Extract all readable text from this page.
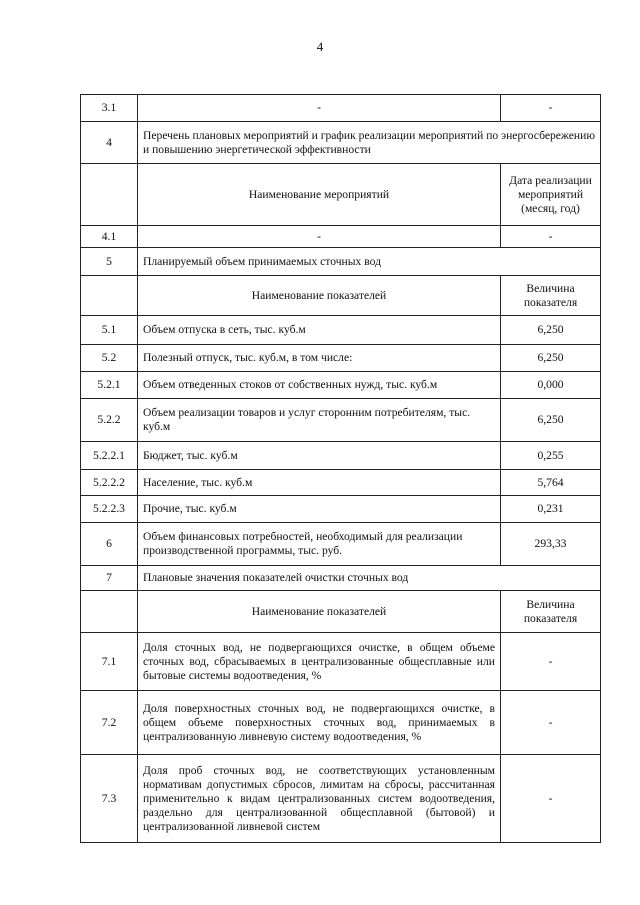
4
3.1	-	-
4	Перечень плановых мероприятий и график реализации мероприятий по энергосбережению и повышению энергетической эффективности	
	Наименование мероприятий	Дата реализации мероприятий (месяц, год)
4.1	-	-
5	Планируемый объем принимаемых сточных вод	
	Наименование показателей	Величина показателя
5.1	Объем отпуска в сеть, тыс. куб.м	6,250
5.2	Полезный отпуск, тыс. куб.м, в том числе:	6,250
5.2.1	Объем отведенных стоков от собственных нужд, тыс. куб.м	0,000
5.2.2	Объем реализации товаров и услуг сторонним потребителям, тыс. куб.м	6,250
5.2.2.1	Бюджет, тыс. куб.м	0,255
5.2.2.2	Население, тыс. куб.м	5,764
5.2.2.3	Прочие, тыс. куб.м	0,231
6	Объем финансовых потребностей, необходимый для реализации производственной программы, тыс. руб.	293,33
7	Плановые значения показателей очистки сточных вод	
	Наименование показателей	Величина показателя
7.1	Доля сточных вод, не подвергающихся очистке, в общем объеме сточных вод, сбрасываемых в централизованные общесплавные или бытовые системы водоотведения, %	-
7.2	Доля поверхностных сточных вод, не подвергающихся очистке, в общем объеме поверхностных сточных вод, принимаемых в централизованную ливневую систему водоотведения, %	-
7.3	Доля проб сточных вод, не соответствующих установленным нормативам допустимых сбросов, лимитам на сбросы, рассчитанная применительно к видам централизованных систем водоотведения, раздельно для централизованной общесплавной (бытовой) и централизованной ливневой систем	-
